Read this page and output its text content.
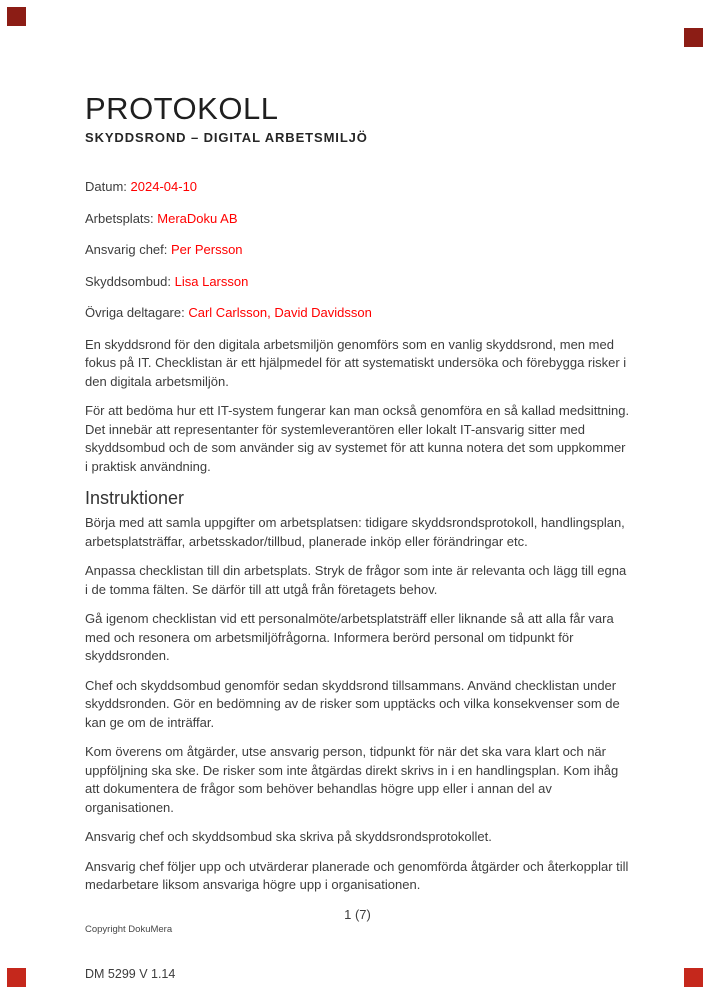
PROTOKOLL
SKYDDSROND – DIGITAL ARBETSMILJÖ
Datum: 2024-04-10
Arbetsplats: MeraDoku AB
Ansvarig chef: Per Persson
Skyddsombud: Lisa Larsson
Övriga deltagare: Carl Carlsson, David Davidsson

En skyddsrond för den digitala arbetsmiljön genomförs som en vanlig skyddsrond, men med fokus på IT. Checklistan är ett hjälpmedel för att systematiskt undersöka och förebygga risker i den digitala arbetsmiljön.

För att bedöma hur ett IT-system fungerar kan man också genomföra en så kallad medsittning. Det innebär att representanter för systemleverantören eller lokalt IT-ansvarig sitter med skyddsombud och de som använder sig av systemet för att kunna notera det som uppkommer i praktisk användning.

Instruktioner

Börja med att samla uppgifter om arbetsplatsen: tidigare skyddsrondsprotokoll, handlingsplan, arbetsplatsträffar, arbetsskador/tillbud, planerade inköp eller förändringar etc.

Anpassa checklistan till din arbetsplats. Stryk de frågor som inte är relevanta och lägg till egna i de tomma fälten. Se därför till att utgå från företagets behov.

Gå igenom checklistan vid ett personalmöte/arbetsplatsträff eller liknande så att alla får vara med och resonera om arbetsmiljöfrågorna. Informera berörd personal om tidpunkt för skyddsronden.

Chef och skyddsombud genomför sedan skyddsrond tillsammans. Använd checklistan under skyddsronden. Gör en bedömning av de risker som upptäcks och vilka konsekvenser som de kan ge om de inträffar.

Kom överens om åtgärder, utse ansvarig person, tidpunkt för när det ska vara klart och när uppföljning ska ske. De risker som inte åtgärdas direkt skrivs in i en handlingsplan. Kom ihåg att dokumentera de frågor som behöver behandlas högre upp eller i annan del av organisationen.

Ansvarig chef och skyddsombud ska skriva på skyddsrondsprotokollet.

Ansvarig chef följer upp och utvärderar planerade och genomförda åtgärder och återkopplar till medarbetare liksom ansvariga högre upp i organisationen.

1 (7)
Copyright DokuMera
DM 5299 V 1.14
